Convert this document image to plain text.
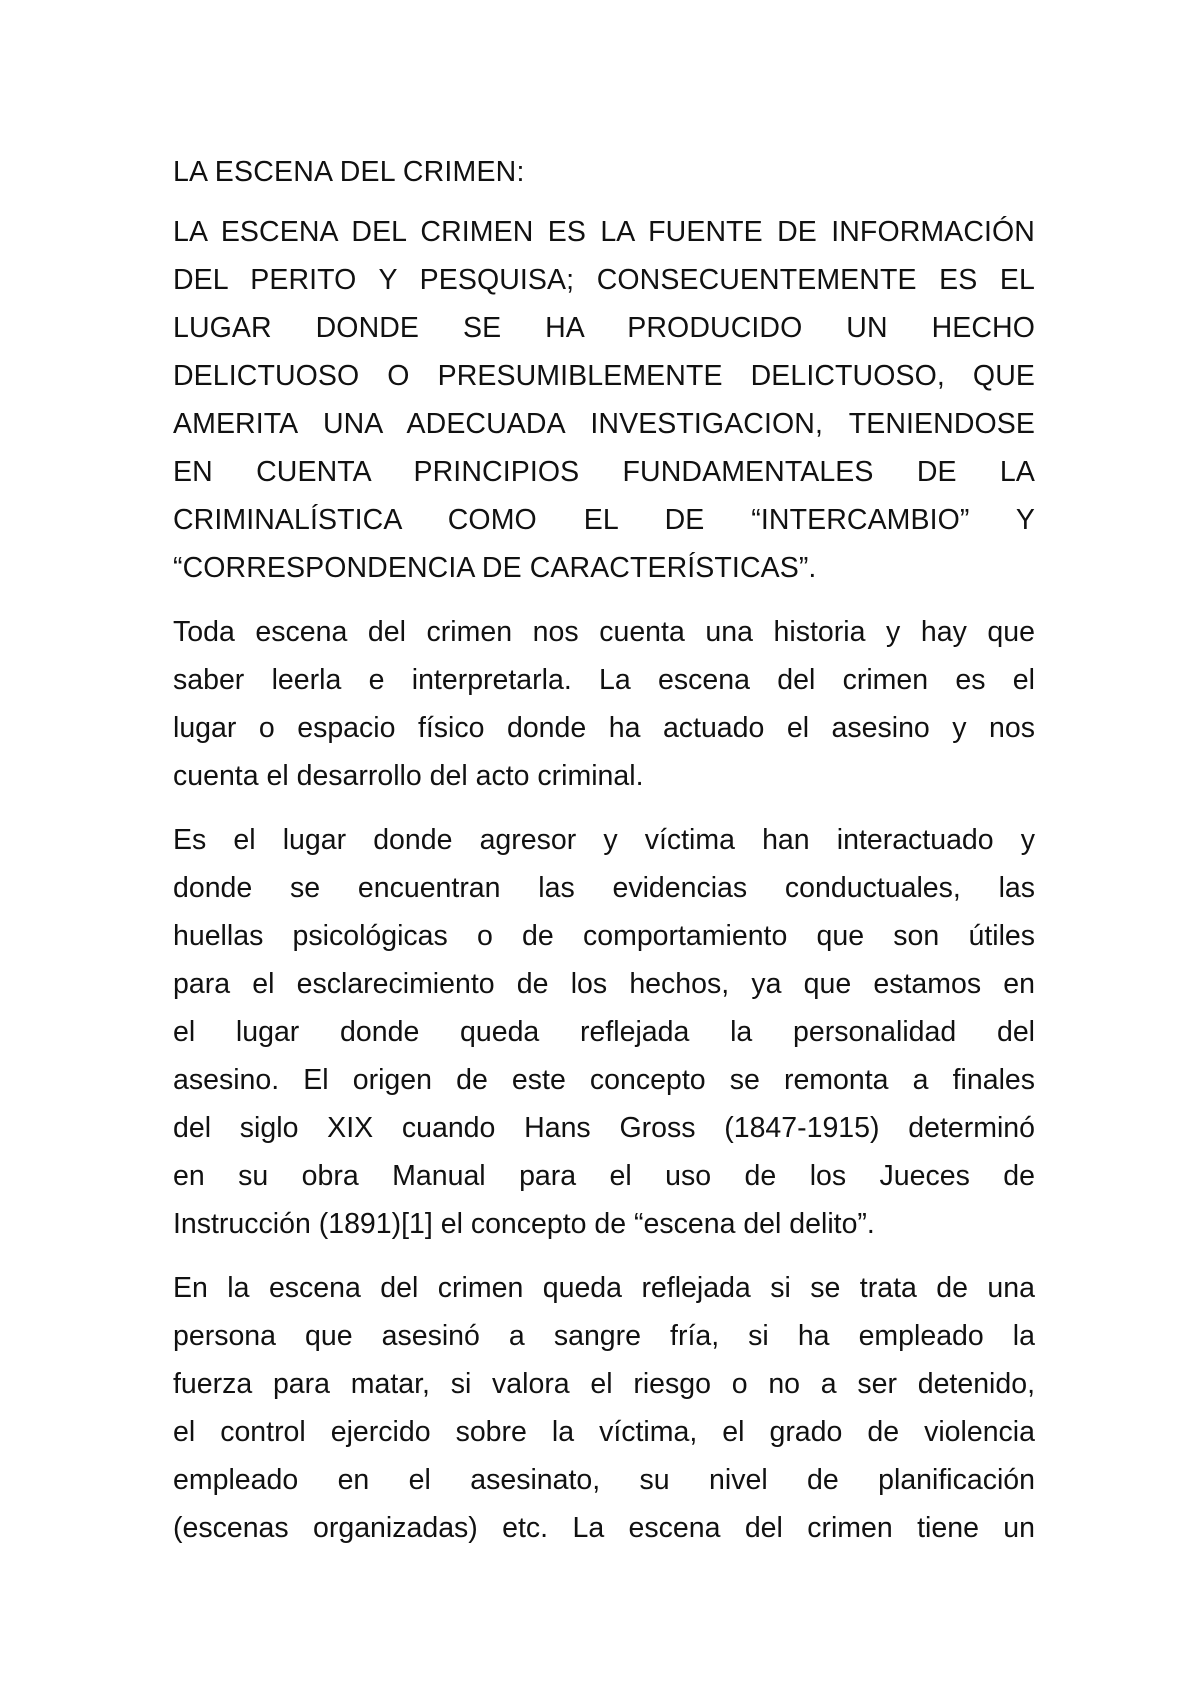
LA ESCENA DEL CRIMEN:
LA ESCENA DEL CRIMEN ES LA FUENTE DE INFORMACIÓN
DEL PERITO Y PESQUISA; CONSECUENTEMENTE ES EL
LUGAR DONDE SE HA PRODUCIDO UN HECHO
DELICTUOSO O PRESUMIBLEMENTE DELICTUOSO, QUE
AMERITA UNA ADECUADA INVESTIGACION, TENIENDOSE
EN CUENTA PRINCIPIOS FUNDAMENTALES DE LA
CRIMINALÍSTICA COMO EL DE “INTERCAMBIO” Y
“CORRESPONDENCIA DE CARACTERÍSTICAS”.
Toda escena del crimen nos cuenta una historia y hay que
saber leerla e interpretarla. La escena del crimen es el
lugar o espacio físico donde ha actuado el asesino y nos
cuenta el desarrollo del acto criminal.
Es el lugar donde agresor y víctima han interactuado y
donde se encuentran las evidencias conductuales, las
huellas psicológicas o de comportamiento que son útiles
para el esclarecimiento de los hechos, ya que estamos en
el lugar donde queda reflejada la personalidad del
asesino. El origen de este concepto se remonta a finales
del siglo XIX cuando Hans Gross (1847-1915) determinó
en su obra Manual para el uso de los Jueces de
Instrucción (1891)[1] el concepto de “escena del delito”.
En la escena del crimen queda reflejada si se trata de una
persona que asesinó a sangre fría, si ha empleado la
fuerza para matar, si valora el riesgo o no a ser detenido,
el control ejercido sobre la víctima, el grado de violencia
empleado en el asesinato, su nivel de planificación
(escenas organizadas) etc. La escena del crimen tiene un
